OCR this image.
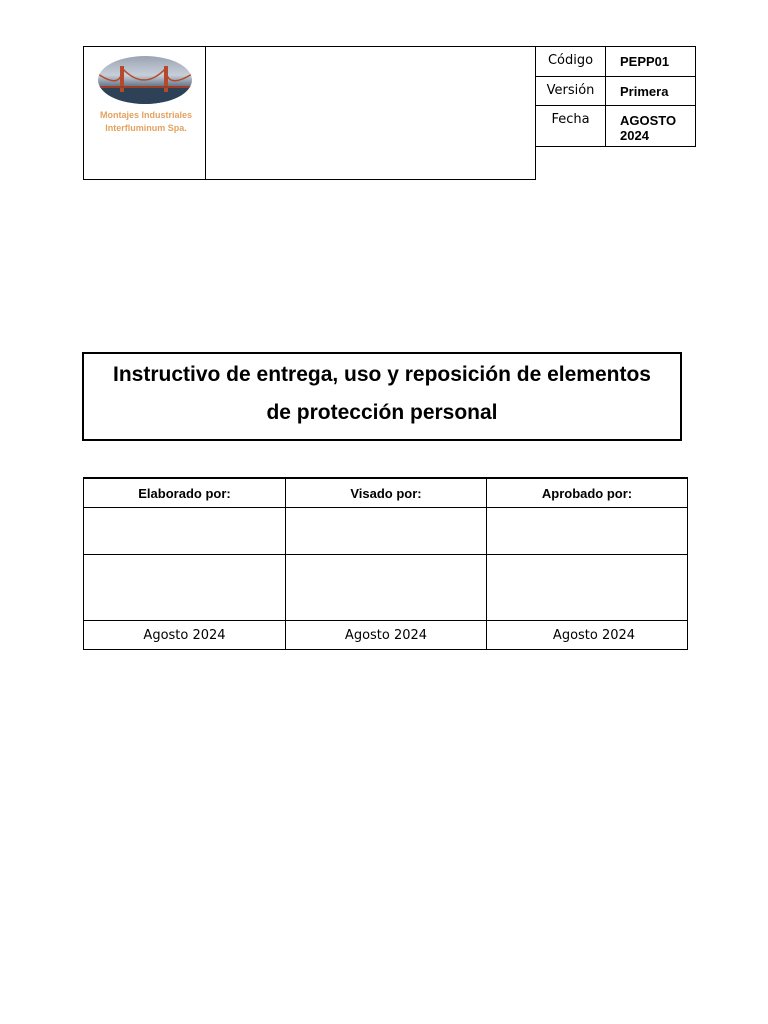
Montajes Industriales
Interfluminum Spa.
Código	PEPP01
Versión	Primera
Fecha	AGOSTO 2024
Instructivo de entrega, uso y reposición de elementos
de protección personal
Elaborado por:	Visado por:	Aprobado por:

Agosto 2024	Agosto 2024	Agosto 2024
